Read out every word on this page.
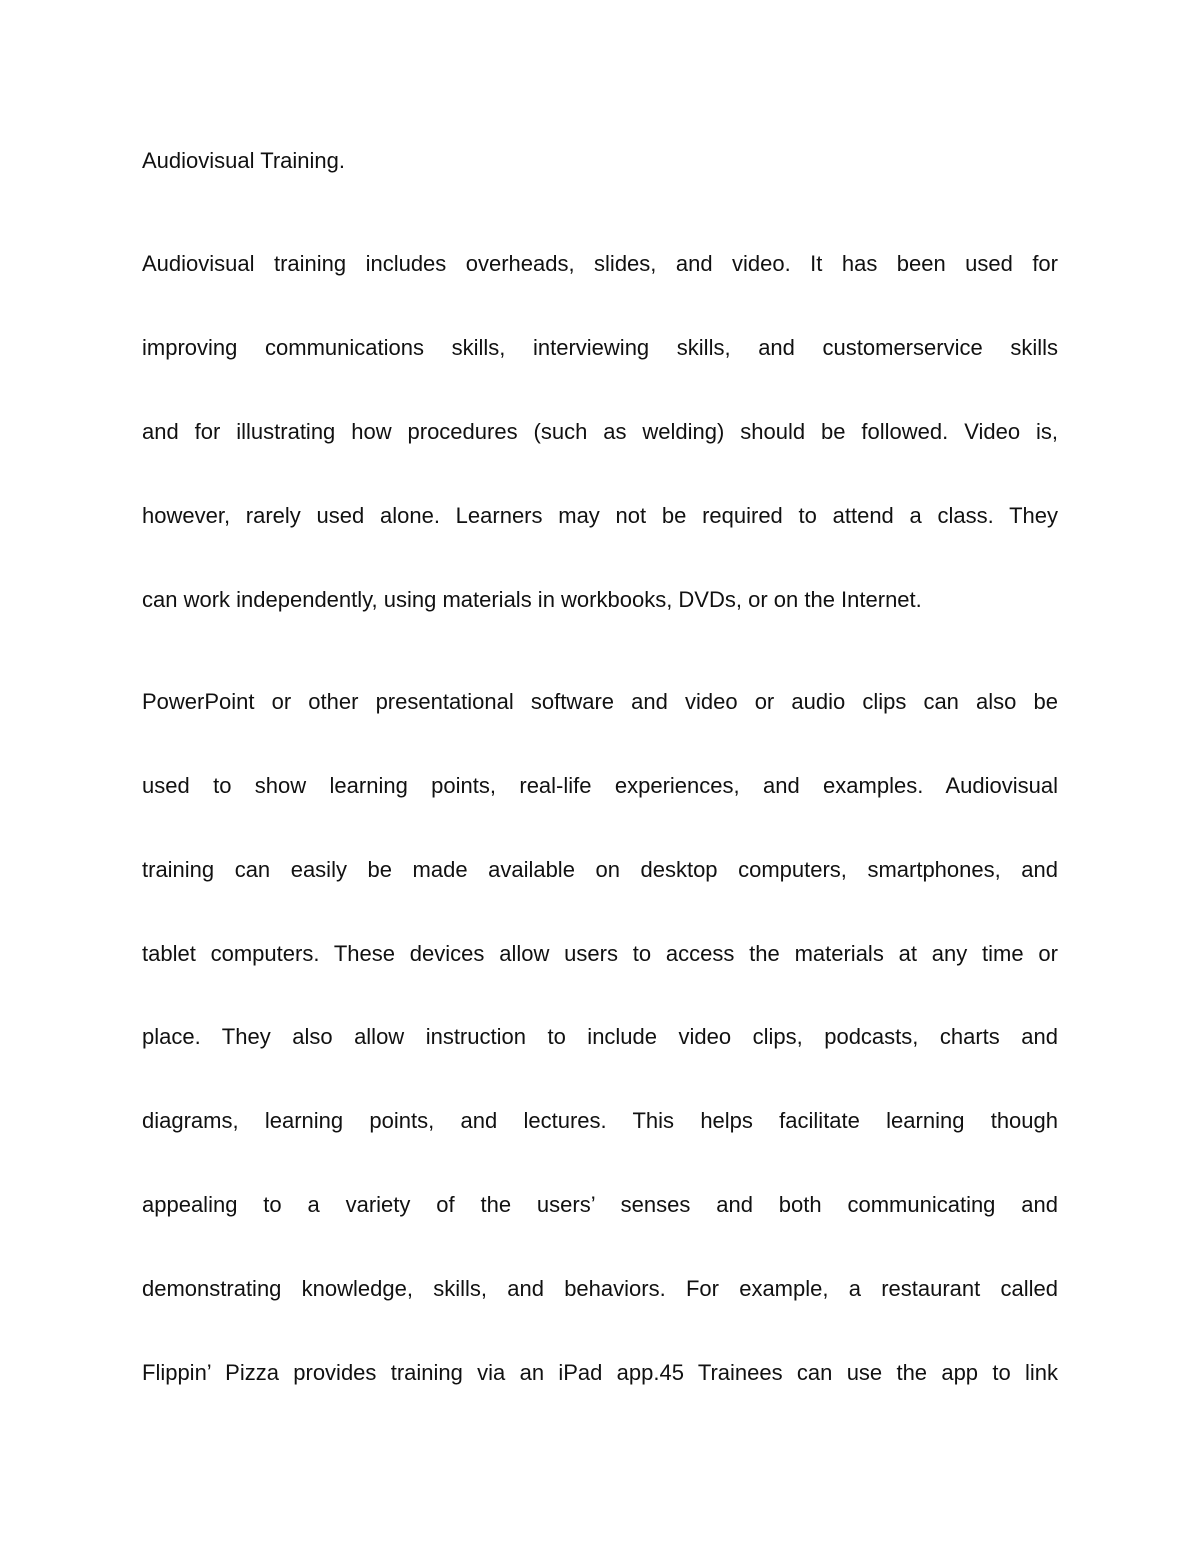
Audiovisual Training.
Audiovisual training includes overheads, slides, and video. It has been used for
improving communications skills, interviewing skills, and customerservice skills
and for illustrating how procedures (such as welding) should be followed. Video is,
however, rarely used alone. Learners may not be required to attend a class. They
can work independently, using materials in workbooks, DVDs, or on the Internet.
PowerPoint or other presentational software and video or audio clips can also be
used to show learning points, real-life experiences, and examples. Audiovisual
training can easily be made available on desktop computers, smartphones, and
tablet computers. These devices allow users to access the materials at any time or
place. They also allow instruction to include video clips, podcasts, charts and
diagrams, learning points, and lectures. This helps facilitate learning though
appealing to a variety of the users’ senses and both communicating and
demonstrating knowledge, skills, and behaviors. For example, a restaurant called
Flippin’ Pizza provides training via an iPad app.45 Trainees can use the app to link
